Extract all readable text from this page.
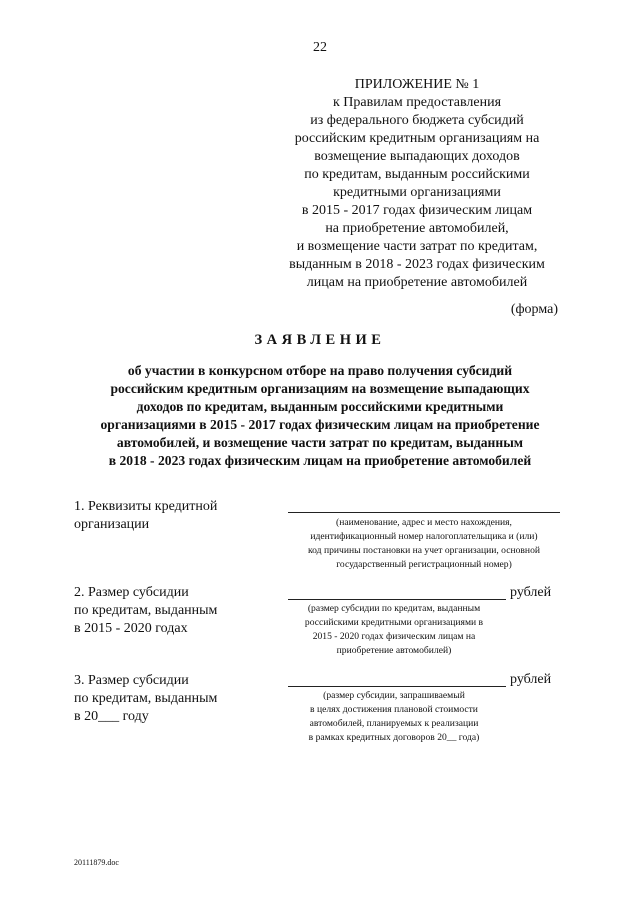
22
ПРИЛОЖЕНИЕ № 1
к Правилам предоставления
из федерального бюджета субсидий
российским кредитным организациям на
возмещение выпадающих доходов
по кредитам, выданным российскими
кредитными организациями
в 2015 - 2017 годах физическим лицам
на приобретение автомобилей,
и возмещение части затрат по кредитам,
выданным в 2018 - 2023 годах физическим
лицам на приобретение автомобилей
(форма)
ЗАЯВЛЕНИЕ
об участии в конкурсном отборе на право получения субсидий
российским кредитным организациям на возмещение выпадающих
доходов по кредитам, выданным российскими кредитными
организациями в 2015 - 2017 годах физическим лицам на приобретение
автомобилей, и возмещение части затрат по кредитам, выданным
в 2018 - 2023 годах физическим лицам на приобретение автомобилей
1. Реквизиты кредитной
организации	(наименование, адрес и место нахождения,
идентификационный номер налогоплательщика и (или)
код причины постановки на учет организации, основной
государственный регистрационный номер)
2. Размер субсидии
по кредитам, выданным
в 2015 - 2020 годах
рублей
(размер субсидии по кредитам, выданным
российскими кредитными организациями в
2015 - 2020 годах физическим лицам на
приобретение автомобилей)
3. Размер субсидии
по кредитам, выданным
в 20___ году
рублей
(размер субсидии, запрашиваемый
в целях достижения плановой стоимости
автомобилей, планируемых к реализации
в рамках кредитных договоров 20__ года)
20111879.doc
